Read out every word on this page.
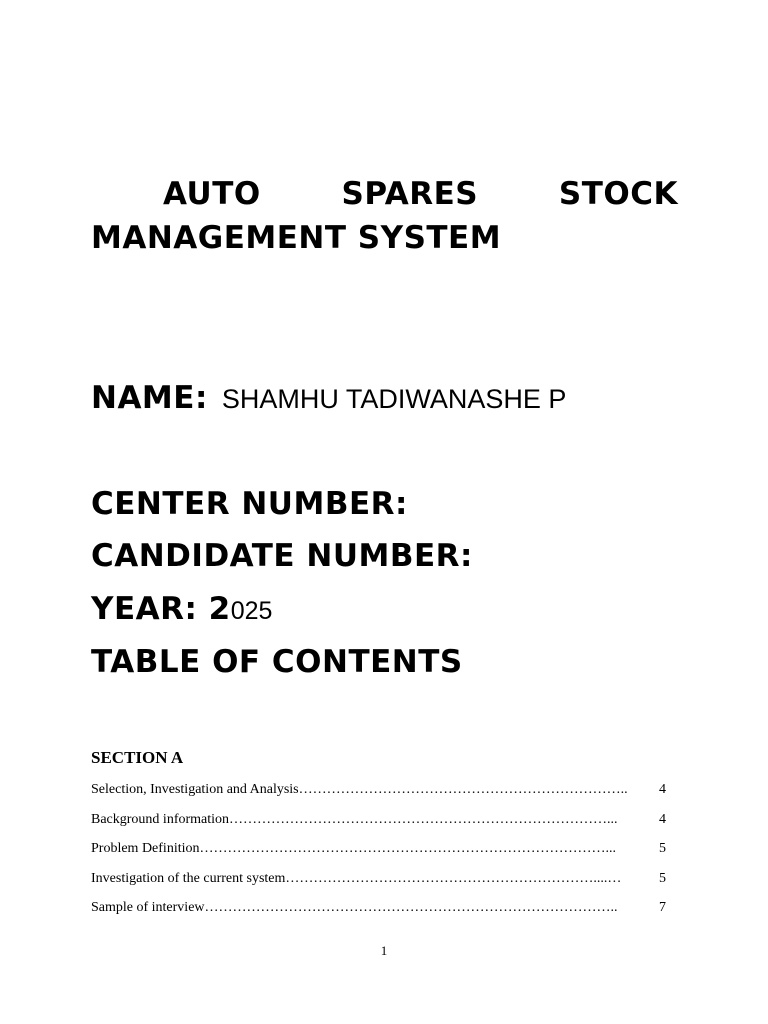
AUTO	SPARES	STOCK
MANAGEMENT SYSTEM
NAME: SHAMHU TADIWANASHE P
CENTER NUMBER:
CANDIDATE NUMBER:
YEAR: 2025
TABLE OF CONTENTS
SECTION A
Selection, Investigation and Analysis ……………………………………………………………..	4
Background information ………………………………………………………………………...	4
Problem Definition ……………………………………………………………………………...	5
Investigation of the current system …………………………………………………………....…	5
Sample of interview ……………………………………………………………………………..	7
1
